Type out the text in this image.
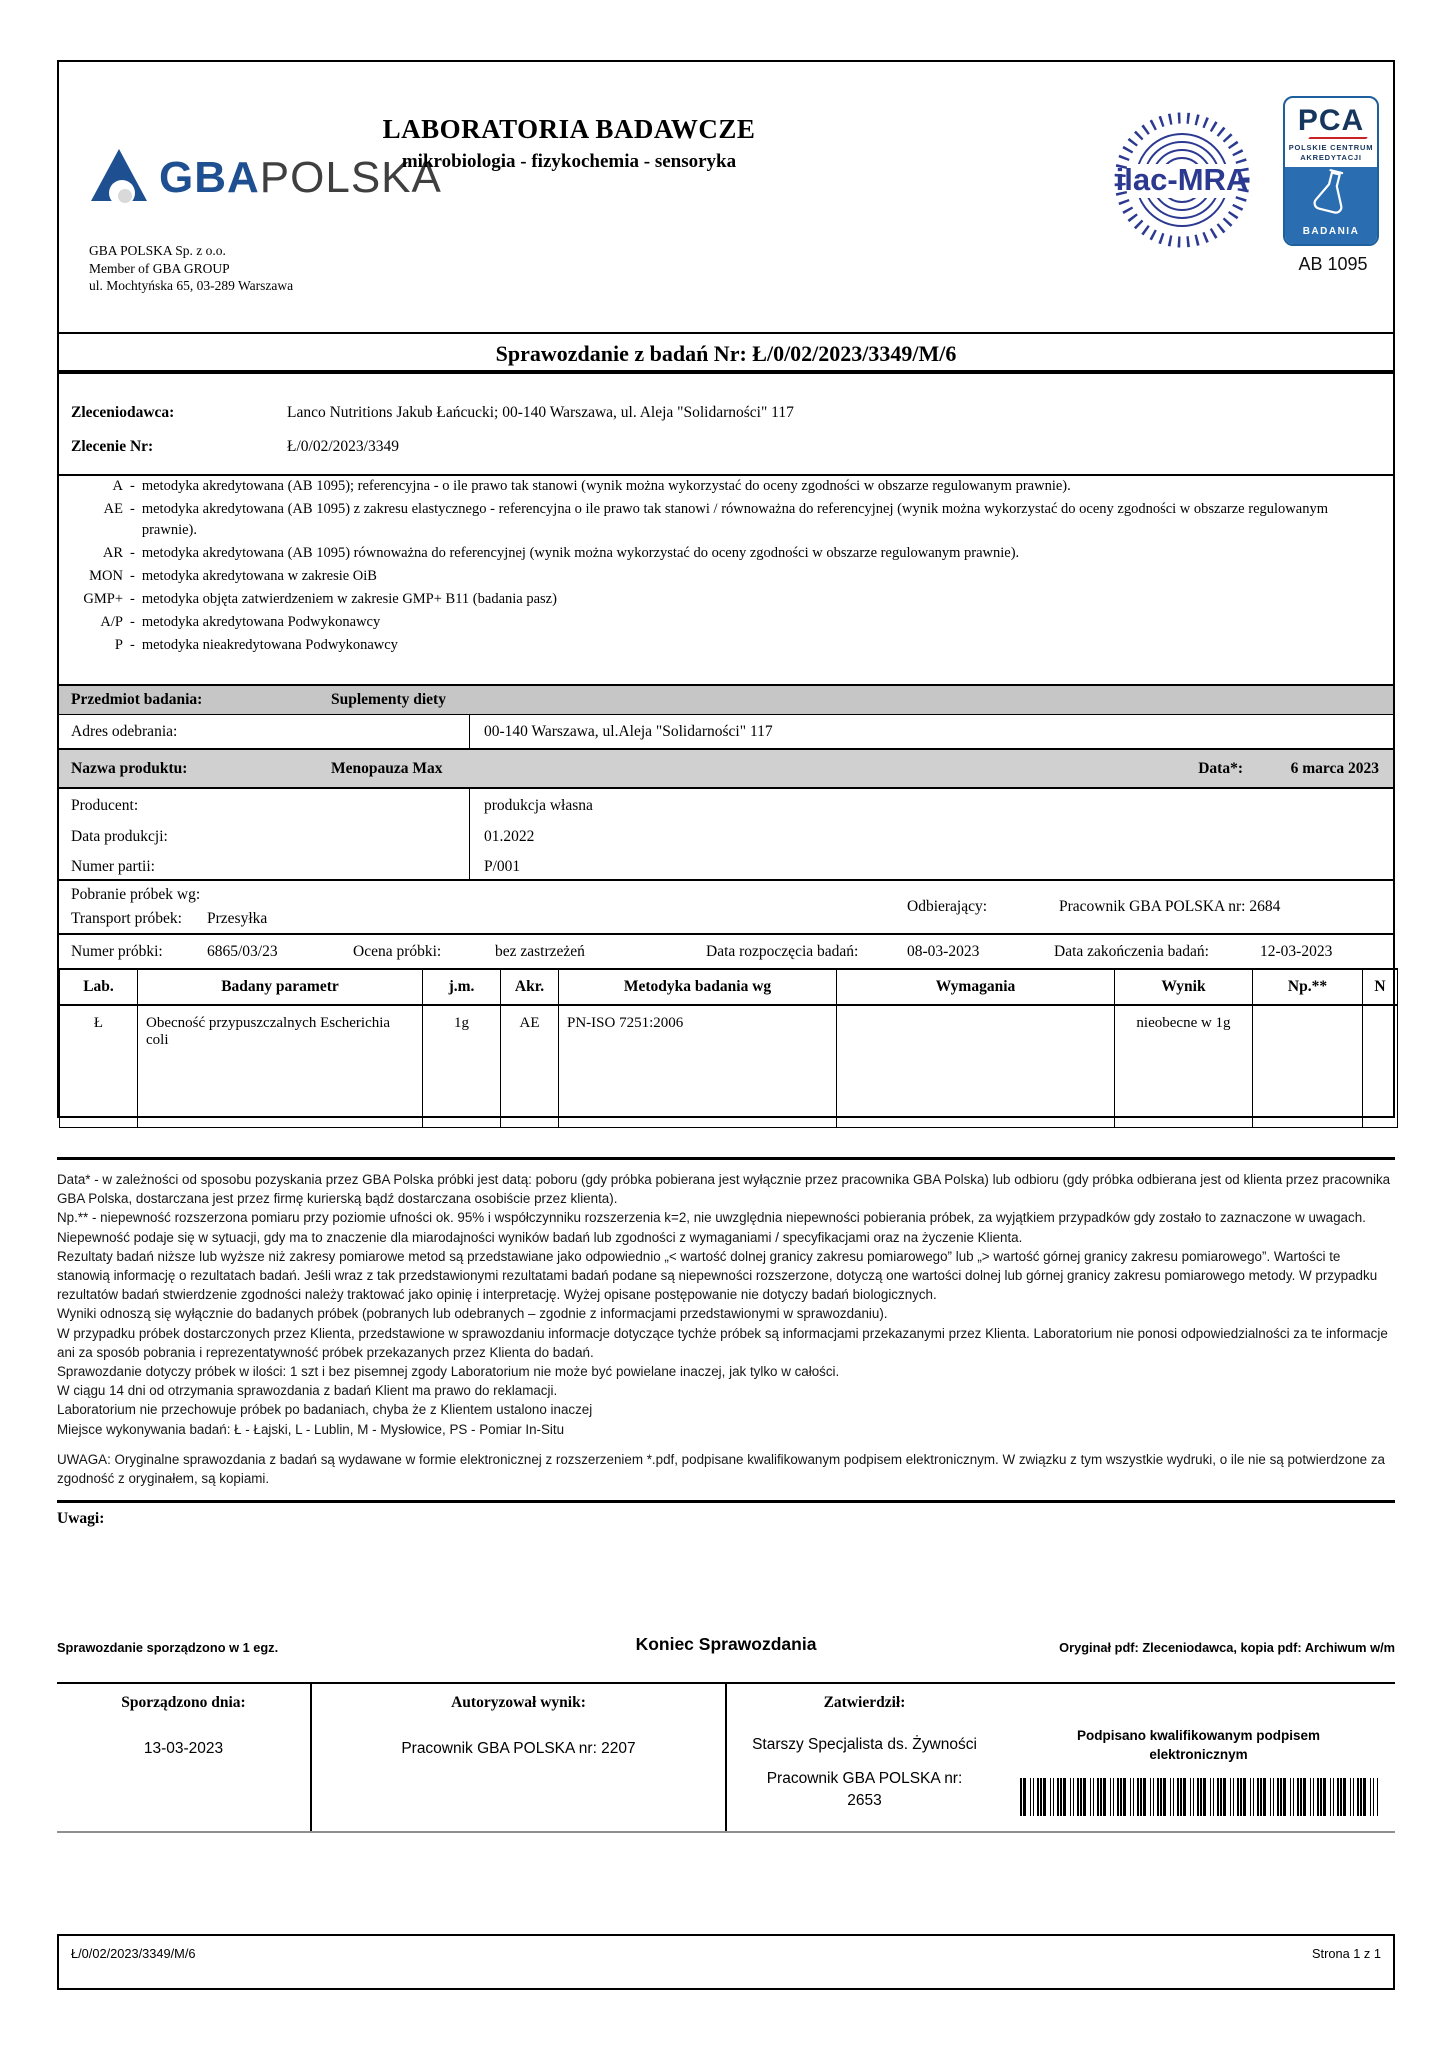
GBAPOLSKA
GBA POLSKA Sp. z o.o.
Member of GBA GROUP
ul. Mochtyńska 65, 03-289 Warszawa
LABORATORIA BADAWCZE
mikrobiologia - fizykochemia - sensoryka
ilac-MRA
PCA
POLSKIE CENTRUM
AKREDYTACJI
BADANIA
AB 1095
Sprawozdanie z badań Nr: Ł/0/02/2023/3349/M/6
Zleceniodawca:	Lanco Nutritions Jakub Łańcucki; 00-140 Warszawa, ul. Aleja "Solidarności" 117
Zlecenie Nr:	Ł/0/02/2023/3349
A - metodyka akredytowana (AB 1095); referencyjna - o ile prawo tak stanowi (wynik można wykorzystać do oceny zgodności w obszarze regulowanym prawnie).
AE - metodyka akredytowana (AB 1095) z zakresu elastycznego - referencyjna o ile prawo tak stanowi / równoważna do referencyjnej (wynik można wykorzystać do oceny zgodności w obszarze regulowanym prawnie).
AR - metodyka akredytowana (AB 1095) równoważna do referencyjnej (wynik można wykorzystać do oceny zgodności w obszarze regulowanym prawnie).
MON - metodyka akredytowana w zakresie OiB
GMP+ - metodyka objęta zatwierdzeniem w zakresie GMP+ B11 (badania pasz)
A/P - metodyka akredytowana Podwykonawcy
P - metodyka nieakredytowana Podwykonawcy
Przedmiot badania:	Suplementy diety
Adres odebrania:	00-140 Warszawa, ul.Aleja "Solidarności" 117
Nazwa produktu:	Menopauza Max	Data*:	6 marca 2023
Producent:	produkcja własna
Data produkcji:	01.2022
Numer partii:	P/001
Pobranie próbek wg:
Transport próbek: Przesyłka
Odbierający:	Pracownik GBA POLSKA nr: 2684
Numer próbki:	6865/03/23	Ocena próbki:	bez zastrzeżeń	Data rozpoczęcia badań:	08-03-2023	Data zakończenia badań:	12-03-2023
Lab.	Badany parametr	j.m.	Akr.	Metodyka badania wg	Wymagania	Wynik	Np.**	N
Ł	Obecność przypuszczalnych Escherichia coli	1g	AE	PN-ISO 7251:2006		nieobecne w 1g		

Data* - w zależności od sposobu pozyskania przez GBA Polska próbki jest datą: poboru (gdy próbka pobierana jest wyłącznie przez pracownika GBA Polska) lub odbioru (gdy próbka odbierana jest od klienta przez pracownika GBA Polska, dostarczana jest przez firmę kurierską bądź dostarczana osobiście przez klienta).

Np.** - niepewność rozszerzona pomiaru przy poziomie ufności ok. 95% i współczynniku rozszerzenia k=2, nie uwzględnia niepewności pobierania próbek, za wyjątkiem przypadków gdy zostało to zaznaczone w uwagach.

Niepewność podaje się w sytuacji, gdy ma to znaczenie dla miarodajności wyników badań lub zgodności z wymaganiami / specyfikacjami oraz na życzenie Klienta.

Rezultaty badań niższe lub wyższe niż zakresy pomiarowe metod są przedstawiane jako odpowiednio „< wartość dolnej granicy zakresu pomiarowego” lub „> wartość górnej granicy zakresu pomiarowego”. Wartości te stanowią informację o rezultatach badań. Jeśli wraz z tak przedstawionymi rezultatami badań podane są niepewności rozszerzone, dotyczą one wartości dolnej lub górnej granicy zakresu pomiarowego metody. W przypadku rezultatów badań stwierdzenie zgodności należy traktować jako opinię i interpretację. Wyżej opisane postępowanie nie dotyczy badań biologicznych.

Wyniki odnoszą się wyłącznie do badanych próbek (pobranych lub odebranych – zgodnie z informacjami przedstawionymi w sprawozdaniu).

W przypadku próbek dostarczonych przez Klienta, przedstawione w sprawozdaniu informacje dotyczące tychże próbek są informacjami przekazanymi przez Klienta. Laboratorium nie ponosi odpowiedzialności za te informacje ani za sposób pobrania i reprezentatywność próbek przekazanych przez Klienta do badań.

Sprawozdanie dotyczy próbek w ilości: 1 szt i bez pisemnej zgody Laboratorium nie może być powielane inaczej, jak tylko w całości.

W ciągu 14 dni od otrzymania sprawozdania z badań Klient ma prawo do reklamacji.

Laboratorium nie przechowuje próbek po badaniach, chyba że z Klientem ustalono inaczej

Miejsce wykonywania badań: Ł - Łajski, L - Lublin, M - Mysłowice, PS - Pomiar In-Situ

UWAGA: Oryginalne sprawozdania z badań są wydawane w formie elektronicznej z rozszerzeniem *.pdf, podpisane kwalifikowanym podpisem elektronicznym. W związku z tym wszystkie wydruki, o ile nie są potwierdzone za zgodność z oryginałem, są kopiami.

Uwagi:
Sprawozdanie sporządzono w 1 egz.	Koniec Sprawozdania	Oryginał pdf: Zleceniodawca, kopia pdf: Archiwum w/m
Sporządzono dnia:
13-03-2023
Autoryzował wynik:
Pracownik GBA POLSKA nr: 2207
Zatwierdził:
Starszy Specjalista ds. Żywności
Pracownik GBA POLSKA nr: 2653
Podpisano kwalifikowanym podpisem elektronicznym
Ł/0/02/2023/3349/M/6	Strona 1 z 1
